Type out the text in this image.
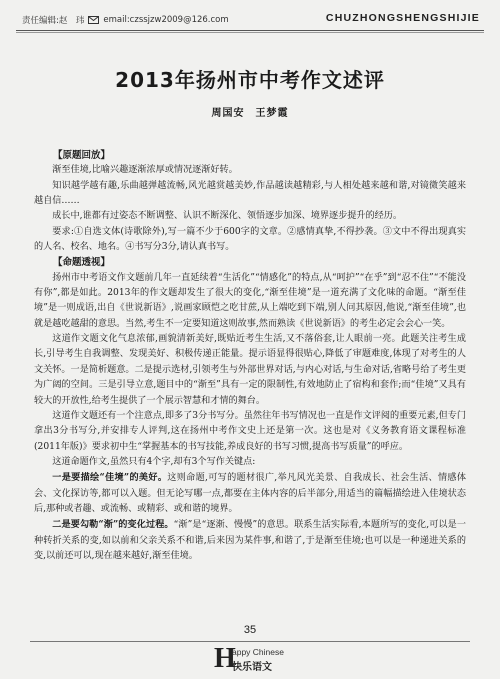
责任编辑:赵　玮 email:czssjzw2009@126.com	CHUZHONGSHENGSHIJIE
2013年扬州市中考作文述评
周国安　王梦霞

【原题回放】

渐至佳境,比喻兴趣逐渐浓厚或情况逐渐好转。

知识越学越有趣,乐曲越弹越流畅,风光越赏越美妙,作品越读越精彩,与人相处越来越和谐,对镜微笑越来越自信……

成长中,谁都有过姿态不断调整、认识不断深化、领悟逐步加深、境界逐步提升的经历。

要求:①自选文体(诗歌除外),写一篇不少于600字的文章。②感情真挚,不得抄袭。③文中不得出现真实的人名、校名、地名。④书写分3分,请认真书写。

【命题透视】

扬州市中考语文作文题前几年一直延续着“生活化”“情感化”的特点,从“呵护”“在乎”到“忍不住”“不能没有你”,都是如此。2013年的作文题却发生了很大的变化,“渐至佳境”是一道充满了文化味的命题。“渐至佳境”是一则成语,出自《世说新语》,说画家顾恺之吃甘蔗,从上端吃到下端,别人问其原因,他说,“渐至佳境”,也就是越吃越甜的意思。当然,考生不一定要知道这则故事,然而熟读《世说新语》的考生必定会会心一笑。

这道作文题文化气息浓郁,画貌清新美好,既贴近考生生活,又不落俗套,让人眼前一亮。此题关注考生成长,引导考生自我调整、发现美好、积极传递正能量。提示语显得很贴心,降低了审题难度,体现了对考生的人文关怀。一是简析题意。二是提示选材,引领考生与外部世界对话,与内心对话,与生命对话,省略号给了考生更为广阔的空间。三是引导立意,题目中的“渐至”具有一定的限制性,有效地防止了宿构和套作;而“佳境”又具有较大的开放性,给考生提供了一个展示智慧和才情的舞台。

这道作文题还有一个注意点,即多了3分书写分。虽然往年书写情况也一直是作文评阅的重要元素,但专门拿出3分书写分,并安排专人评判,这在扬州中考作文史上还是第一次。这也是对《义务教育语文课程标准(2011年版)》要求初中生“掌握基本的书写技能,养成良好的书写习惯,提高书写质量”的呼应。

这道命题作文,虽然只有4个字,却有3个写作关键点:

一是要描绘“佳境”的美好。这则命题,可写的题材很广,举凡风光美景、自我成长、社会生活、情感体会、文化探访等,都可以入题。但无论写哪一点,都要在主体内容的后半部分,用适当的篇幅描绘进入佳境状态后,那种或者趣、或流畅、或精彩、或和谐的境界。

二是要勾勒“渐”的变化过程。“渐”是“逐渐、慢慢”的意思。联系生活实际看,本题所写的变化,可以是一种转折关系的变,如以前和父亲关系不和谐,后来因为某件事,和谐了,于是渐至佳境;也可以是一种递进关系的变,以前还可以,现在越来越好,渐至佳境。

35
H
appy Chinese
快乐语文
